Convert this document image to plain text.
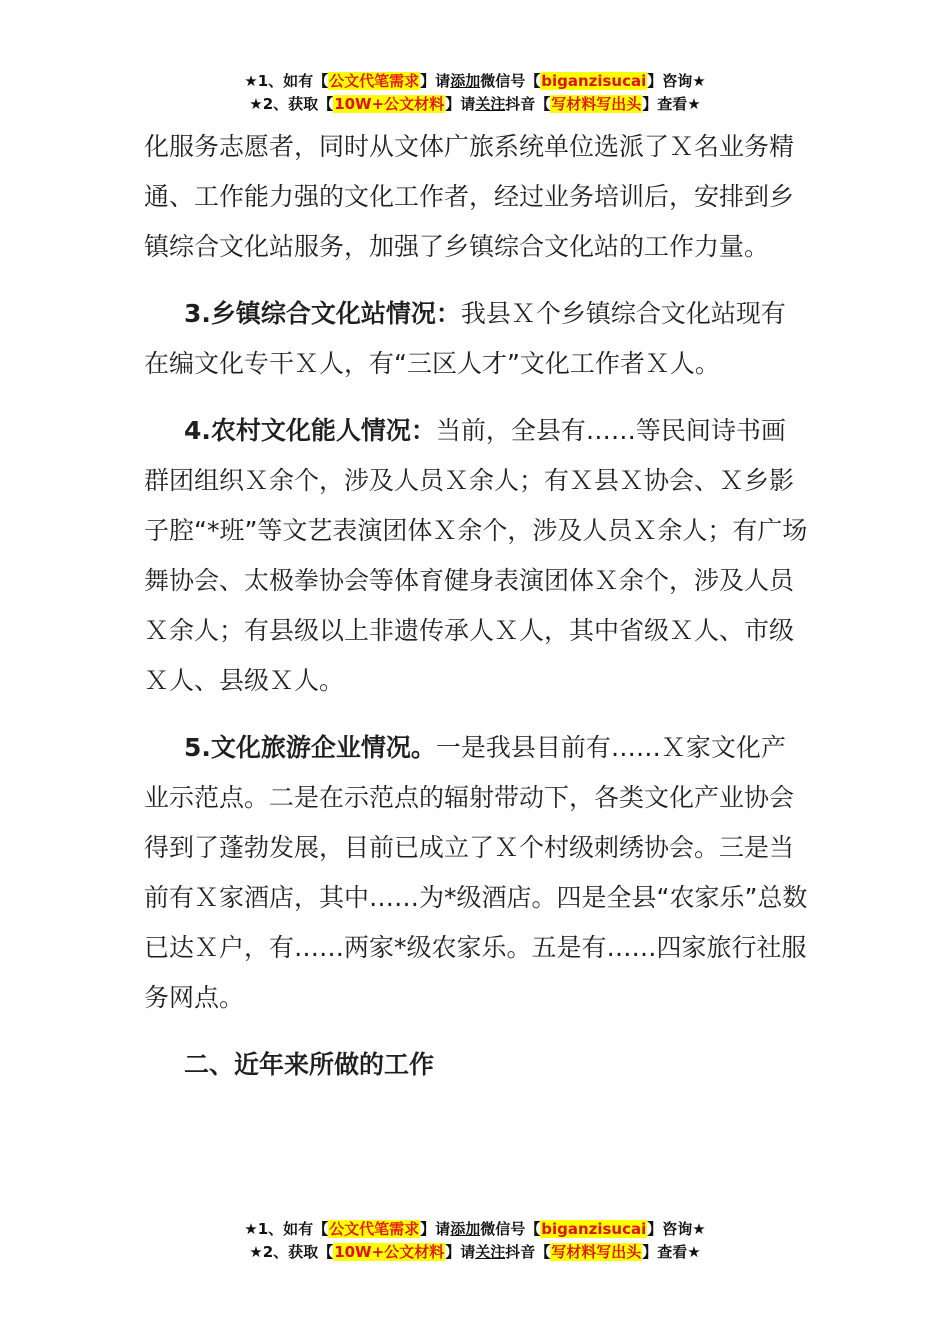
★1、如有【公文代笔需求】请添加微信号【biganzisucai】咨询★
★2、获取【10W+公文材料】请关注抖音【写材料写出头】查看★

化服务志愿者，同时从文体广旅系统单位选派了Ｘ名业务精通、工作能力强的文化工作者，经过业务培训后，安排到乡镇综合文化站服务，加强了乡镇综合文化站的工作力量。

3.乡镇综合文化站情况：我县Ｘ个乡镇综合文化站现有在编文化专干Ｘ人，有“三区人才”文化工作者Ｘ人。

4.农村文化能人情况：当前，全县有……等民间诗书画群团组织Ｘ余个，涉及人员Ｘ余人；有Ｘ县Ｘ协会、Ｘ乡影子腔“*班”等文艺表演团体Ｘ余个，涉及人员Ｘ余人；有广场舞协会、太极拳协会等体育健身表演团体Ｘ余个，涉及人员Ｘ余人；有县级以上非遗传承人Ｘ人，其中省级Ｘ人、市级Ｘ人、县级Ｘ人。

5.文化旅游企业情况。一是我县目前有……Ｘ家文化产业示范点。二是在示范点的辐射带动下，各类文化产业协会得到了蓬勃发展，目前已成立了Ｘ个村级刺绣协会。三是当前有Ｘ家酒店，其中……为*级酒店。四是全县“农家乐”总数已达Ｘ户，有……两家*级农家乐。五是有……四家旅行社服务网点。

二、近年来所做的工作

★1、如有【公文代笔需求】请添加微信号【biganzisucai】咨询★
★2、获取【10W+公文材料】请关注抖音【写材料写出头】查看★
